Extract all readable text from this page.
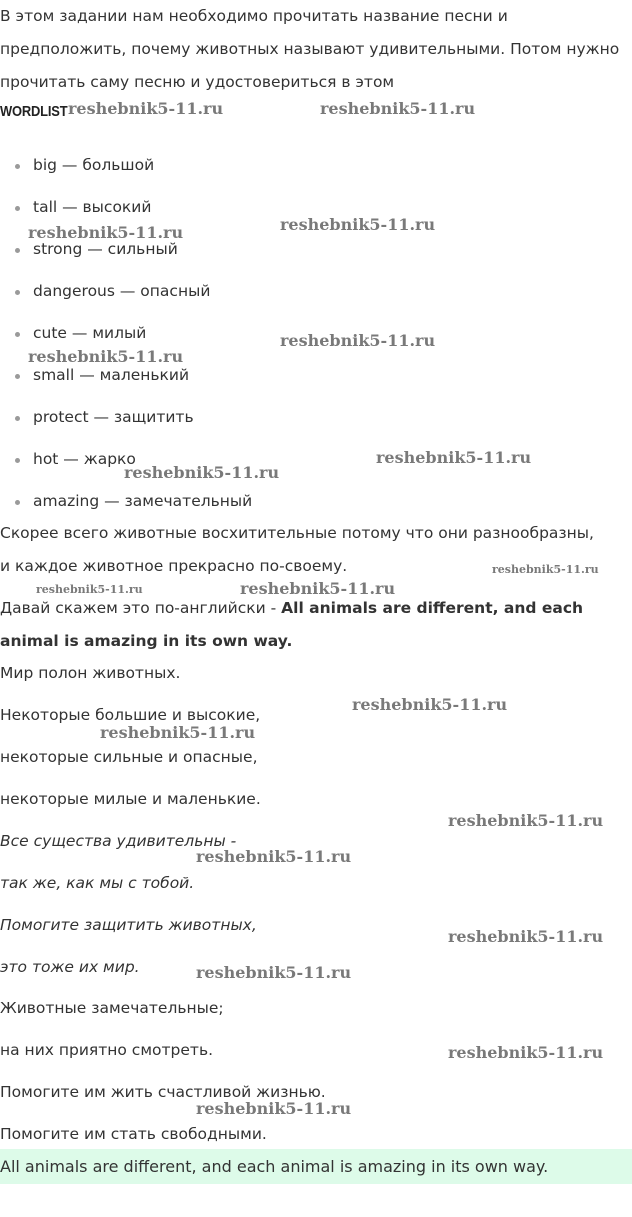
В этом задании нам необходимо прочитать название песни и предположить, почему животных называют удивительными. Потом нужно прочитать саму песню и удостовериться в этом

WORDLIST
big — большой
tall — высокий
strong — сильный
dangerous — опасный
cute — милый
small — маленький
protect — защитить
hot — жарко
amazing — замечательный

Скорее всего животные восхитительные потому что они разнообразны, и каждое животное прекрасно по-своему.

Давай скажем это по-английски - All animals are different, and each animal is amazing in its own way.

Мир полон животных.

Некоторые большие и высокие,

некоторые сильные и опасные,

некоторые милые и маленькие.

Все существа удивительны -

так же, как мы с тобой.

Помогите защитить животных,

это тоже их мир.

Животные замечательные;

на них приятно смотреть.

Помогите им жить счастливой жизнью.

Помогите им стать свободными.

All animals are different, and each animal is amazing in its own way.
reshebnik5-11.ru	reshebnik5-11.ru
reshebnik5-11.ru	reshebnik5-11.ru
reshebnik5-11.ru
reshebnik5-11.ru
reshebnik5-11.ru
reshebnik5-11.ru
reshebnik5-11.ru
reshebnik5-11.ru	reshebnik5-11.ru
reshebnik5-11.ru
reshebnik5-11.ru
reshebnik5-11.ru
reshebnik5-11.ru
reshebnik5-11.ru
reshebnik5-11.ru
reshebnik5-11.ru
reshebnik5-11.ru
